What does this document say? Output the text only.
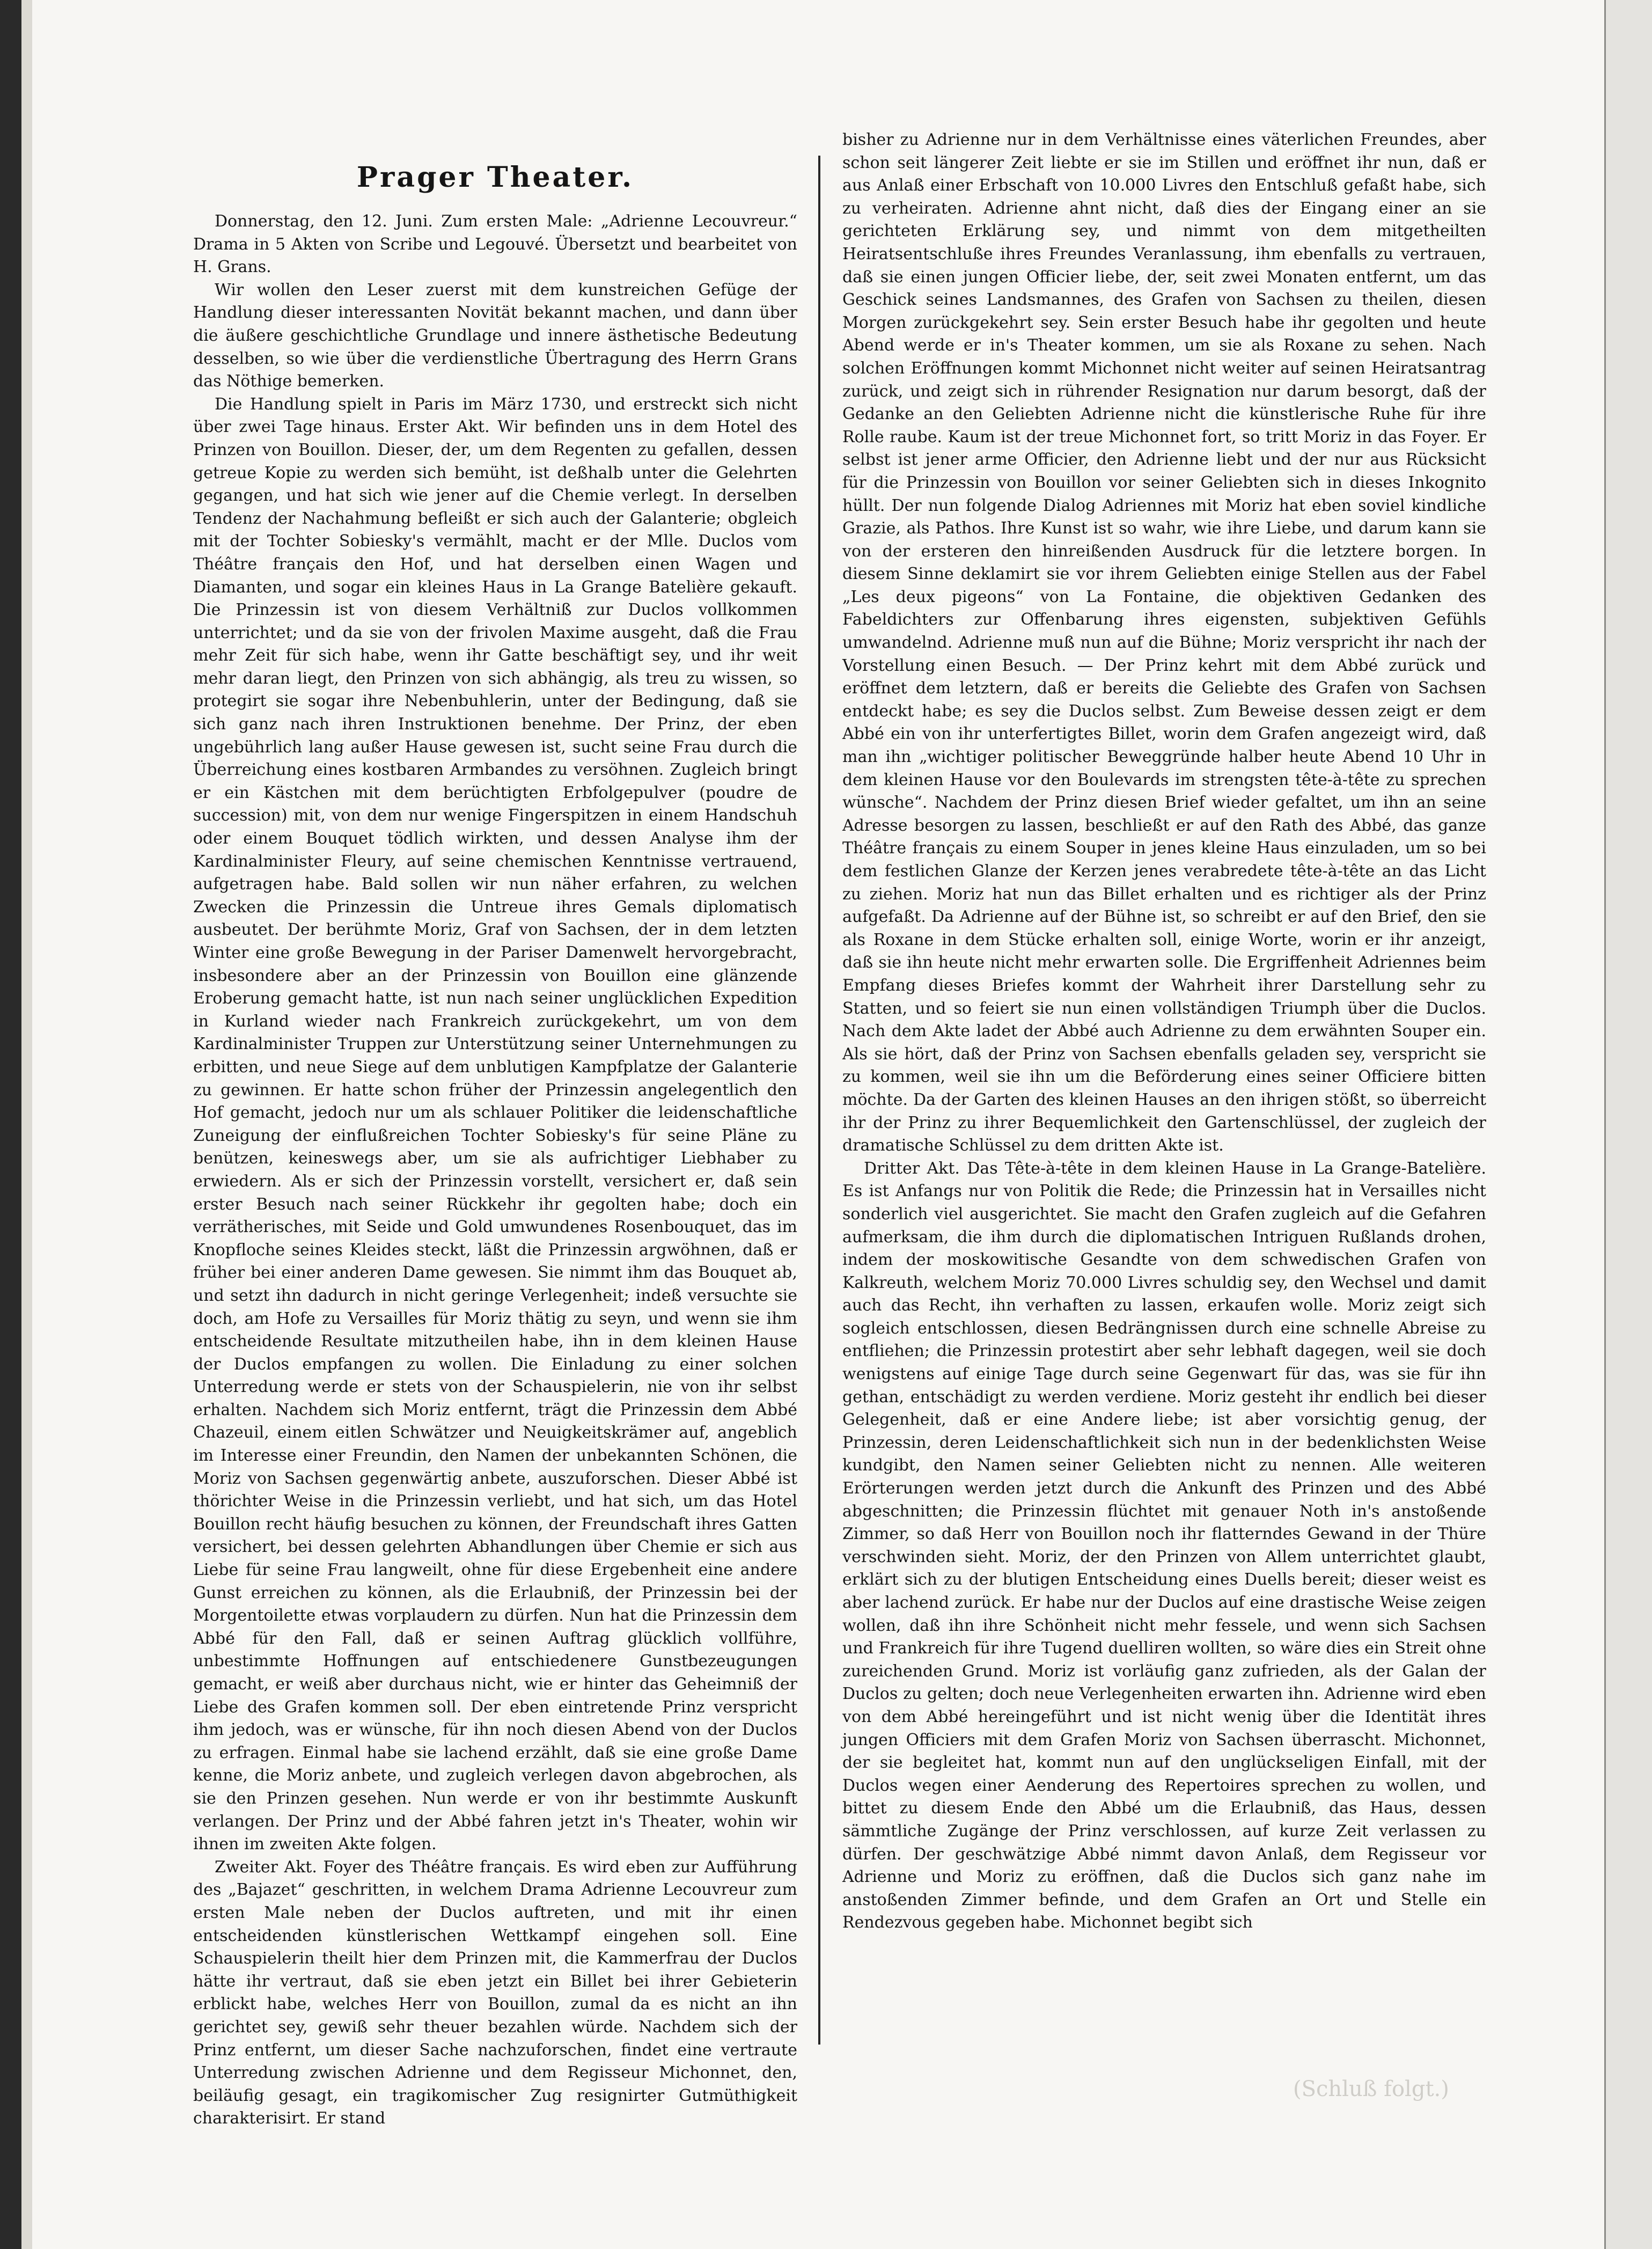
Prager Theater.

Donnerstag, den 12. Juni. Zum ersten Male: „Adrienne Lecouvreur.“ Drama in 5 Akten von Scribe und Legouvé. Übersetzt und bearbeitet von H. Grans.

Wir wollen den Leser zuerst mit dem kunstreichen Gefüge der Handlung dieser interessanten Novität bekannt machen, und dann über die äußere geschichtliche Grundlage und innere ästhetische Bedeutung desselben, so wie über die verdienstliche Übertragung des Herrn Grans das Nöthige bemerken.

Die Handlung spielt in Paris im März 1730, und erstreckt sich nicht über zwei Tage hinaus. Erster Akt. Wir befinden uns in dem Hotel des Prinzen von Bouillon. Dieser, der, um dem Regenten zu gefallen, dessen getreue Kopie zu werden sich bemüht, ist deßhalb unter die Gelehrten gegangen, und hat sich wie jener auf die Chemie verlegt. In derselben Tendenz der Nachahmung befleißt er sich auch der Galanterie; obgleich mit der Tochter Sobiesky's vermählt, macht er der Mlle. Duclos vom Théâtre français den Hof, und hat derselben einen Wagen und Diamanten, und sogar ein kleines Haus in La Grange Batelière gekauft. Die Prinzessin ist von diesem Verhältniß zur Duclos vollkommen unterrichtet; und da sie von der frivolen Maxime ausgeht, daß die Frau mehr Zeit für sich habe, wenn ihr Gatte beschäftigt sey, und ihr weit mehr daran liegt, den Prinzen von sich abhängig, als treu zu wissen, so protegirt sie sogar ihre Nebenbuhlerin, unter der Bedingung, daß sie sich ganz nach ihren Instruktionen benehme. Der Prinz, der eben ungebührlich lang außer Hause gewesen ist, sucht seine Frau durch die Überreichung eines kostbaren Armbandes zu versöhnen. Zugleich bringt er ein Kästchen mit dem berüchtigten Erbfolgepulver (poudre de succession) mit, von dem nur wenige Fingerspitzen in einem Handschuh oder einem Bouquet tödlich wirkten, und dessen Analyse ihm der Kardinalminister Fleury, auf seine chemischen Kenntnisse vertrauend, aufgetragen habe. Bald sollen wir nun näher erfahren, zu welchen Zwecken die Prinzessin die Untreue ihres Gemals diplomatisch ausbeutet. Der berühmte Moriz, Graf von Sachsen, der in dem letzten Winter eine große Bewegung in der Pariser Damenwelt hervorgebracht, insbesondere aber an der Prinzessin von Bouillon eine glänzende Eroberung gemacht hatte, ist nun nach seiner unglücklichen Expedition in Kurland wieder nach Frankreich zurückgekehrt, um von dem Kardinalminister Truppen zur Unterstützung seiner Unternehmungen zu erbitten, und neue Siege auf dem unblutigen Kampfplatze der Galanterie zu gewinnen. Er hatte schon früher der Prinzessin angelegentlich den Hof gemacht, jedoch nur um als schlauer Politiker die leidenschaftliche Zuneigung der einflußreichen Tochter Sobiesky's für seine Pläne zu benützen, keineswegs aber, um sie als aufrichtiger Liebhaber zu erwiedern. Als er sich der Prinzessin vorstellt, versichert er, daß sein erster Besuch nach seiner Rückkehr ihr gegolten habe; doch ein verrätherisches, mit Seide und Gold umwundenes Rosenbouquet, das im Knopfloche seines Kleides steckt, läßt die Prinzessin argwöhnen, daß er früher bei einer anderen Dame gewesen. Sie nimmt ihm das Bouquet ab, und setzt ihn dadurch in nicht geringe Verlegenheit; indeß versuchte sie doch, am Hofe zu Versailles für Moriz thätig zu seyn, und wenn sie ihm entscheidende Resultate mitzutheilen habe, ihn in dem kleinen Hause der Duclos empfangen zu wollen. Die Einladung zu einer solchen Unterredung werde er stets von der Schauspielerin, nie von ihr selbst erhalten. Nachdem sich Moriz entfernt, trägt die Prinzessin dem Abbé Chazeuil, einem eitlen Schwätzer und Neuigkeitskrämer auf, angeblich im Interesse einer Freundin, den Namen der unbekannten Schönen, die Moriz von Sachsen gegenwärtig anbete, auszuforschen. Dieser Abbé ist thörichter Weise in die Prinzessin verliebt, und hat sich, um das Hotel Bouillon recht häufig besuchen zu können, der Freundschaft ihres Gatten versichert, bei dessen gelehrten Abhandlungen über Chemie er sich aus Liebe für seine Frau langweilt, ohne für diese Ergebenheit eine andere Gunst erreichen zu können, als die Erlaubniß, der Prinzessin bei der Morgentoilette etwas vorplaudern zu dürfen. Nun hat die Prinzessin dem Abbé für den Fall, daß er seinen Auftrag glücklich vollführe, unbestimmte Hoffnungen auf entschiedenere Gunstbezeugungen gemacht, er weiß aber durchaus nicht, wie er hinter das Geheimniß der Liebe des Grafen kommen soll. Der eben eintretende Prinz verspricht ihm jedoch, was er wünsche, für ihn noch diesen Abend von der Duclos zu erfragen. Einmal habe sie lachend erzählt, daß sie eine große Dame kenne, die Moriz anbete, und zugleich verlegen davon abgebrochen, als sie den Prinzen gesehen. Nun werde er von ihr bestimmte Auskunft verlangen. Der Prinz und der Abbé fahren jetzt in's Theater, wohin wir ihnen im zweiten Akte folgen.

Zweiter Akt. Foyer des Théâtre français. Es wird eben zur Aufführung des „Bajazet“ geschritten, in welchem Drama Adrienne Lecouvreur zum ersten Male neben der Duclos auftreten, und mit ihr einen entscheidenden künstlerischen Wettkampf eingehen soll. Eine Schauspielerin theilt hier dem Prinzen mit, die Kammerfrau der Duclos hätte ihr vertraut, daß sie eben jetzt ein Billet bei ihrer Gebieterin erblickt habe, welches Herr von Bouillon, zumal da es nicht an ihn gerichtet sey, gewiß sehr theuer bezahlen würde. Nachdem sich der Prinz entfernt, um dieser Sache nachzuforschen, findet eine vertraute Unterredung zwischen Adrienne und dem Regisseur Michonnet, den, beiläufig gesagt, ein tragikomischer Zug resignirter Gutmüthigkeit charakterisirt. Er stand

bisher zu Adrienne nur in dem Verhältnisse eines väterlichen Freundes, aber schon seit längerer Zeit liebte er sie im Stillen und eröffnet ihr nun, daß er aus Anlaß einer Erbschaft von 10.000 Livres den Entschluß gefaßt habe, sich zu verheiraten. Adrienne ahnt nicht, daß dies der Eingang einer an sie gerichteten Erklärung sey, und nimmt von dem mitgetheilten Heiratsentschluße ihres Freundes Veranlassung, ihm ebenfalls zu vertrauen, daß sie einen jungen Officier liebe, der, seit zwei Monaten entfernt, um das Geschick seines Landsmannes, des Grafen von Sachsen zu theilen, diesen Morgen zurückgekehrt sey. Sein erster Besuch habe ihr gegolten und heute Abend werde er in's Theater kommen, um sie als Roxane zu sehen. Nach solchen Eröffnungen kommt Michonnet nicht weiter auf seinen Heiratsantrag zurück, und zeigt sich in rührender Resignation nur darum besorgt, daß der Gedanke an den Geliebten Adrienne nicht die künstlerische Ruhe für ihre Rolle raube. Kaum ist der treue Michonnet fort, so tritt Moriz in das Foyer. Er selbst ist jener arme Officier, den Adrienne liebt und der nur aus Rücksicht für die Prinzessin von Bouillon vor seiner Geliebten sich in dieses Inkognito hüllt. Der nun folgende Dialog Adriennes mit Moriz hat eben soviel kindliche Grazie, als Pathos. Ihre Kunst ist so wahr, wie ihre Liebe, und darum kann sie von der ersteren den hinreißenden Ausdruck für die letztere borgen. In diesem Sinne deklamirt sie vor ihrem Geliebten einige Stellen aus der Fabel „Les deux pigeons“ von La Fontaine, die objektiven Gedanken des Fabeldichters zur Offenbarung ihres eigensten, subjektiven Gefühls umwandelnd. Adrienne muß nun auf die Bühne; Moriz verspricht ihr nach der Vorstellung einen Besuch. — Der Prinz kehrt mit dem Abbé zurück und eröffnet dem letztern, daß er bereits die Geliebte des Grafen von Sachsen entdeckt habe; es sey die Duclos selbst. Zum Beweise dessen zeigt er dem Abbé ein von ihr unterfertigtes Billet, worin dem Grafen angezeigt wird, daß man ihn „wichtiger politischer Beweggründe halber heute Abend 10 Uhr in dem kleinen Hause vor den Boulevards im strengsten tête-à-tête zu sprechen wünsche“. Nachdem der Prinz diesen Brief wieder gefaltet, um ihn an seine Adresse besorgen zu lassen, beschließt er auf den Rath des Abbé, das ganze Théâtre français zu einem Souper in jenes kleine Haus einzuladen, um so bei dem festlichen Glanze der Kerzen jenes verabredete tête-à-tête an das Licht zu ziehen. Moriz hat nun das Billet erhalten und es richtiger als der Prinz aufgefaßt. Da Adrienne auf der Bühne ist, so schreibt er auf den Brief, den sie als Roxane in dem Stücke erhalten soll, einige Worte, worin er ihr anzeigt, daß sie ihn heute nicht mehr erwarten solle. Die Ergriffenheit Adriennes beim Empfang dieses Briefes kommt der Wahrheit ihrer Darstellung sehr zu Statten, und so feiert sie nun einen vollständigen Triumph über die Duclos. Nach dem Akte ladet der Abbé auch Adrienne zu dem erwähnten Souper ein. Als sie hört, daß der Prinz von Sachsen ebenfalls geladen sey, verspricht sie zu kommen, weil sie ihn um die Beförderung eines seiner Officiere bitten möchte. Da der Garten des kleinen Hauses an den ihrigen stößt, so überreicht ihr der Prinz zu ihrer Bequemlichkeit den Gartenschlüssel, der zugleich der dramatische Schlüssel zu dem dritten Akte ist.

Dritter Akt. Das Tête-à-tête in dem kleinen Hause in La Grange-Batelière. Es ist Anfangs nur von Politik die Rede; die Prinzessin hat in Versailles nicht sonderlich viel ausgerichtet. Sie macht den Grafen zugleich auf die Gefahren aufmerksam, die ihm durch die diplomatischen Intriguen Rußlands drohen, indem der moskowitische Gesandte von dem schwedischen Grafen von Kalkreuth, welchem Moriz 70.000 Livres schuldig sey, den Wechsel und damit auch das Recht, ihn verhaften zu lassen, erkaufen wolle. Moriz zeigt sich sogleich entschlossen, diesen Bedrängnissen durch eine schnelle Abreise zu entfliehen; die Prinzessin protestirt aber sehr lebhaft dagegen, weil sie doch wenigstens auf einige Tage durch seine Gegenwart für das, was sie für ihn gethan, entschädigt zu werden verdiene. Moriz gesteht ihr endlich bei dieser Gelegenheit, daß er eine Andere liebe; ist aber vorsichtig genug, der Prinzessin, deren Leidenschaftlichkeit sich nun in der bedenklichsten Weise kundgibt, den Namen seiner Geliebten nicht zu nennen. Alle weiteren Erörterungen werden jetzt durch die Ankunft des Prinzen und des Abbé abgeschnitten; die Prinzessin flüchtet mit genauer Noth in's anstoßende Zimmer, so daß Herr von Bouillon noch ihr flatterndes Gewand in der Thüre verschwinden sieht. Moriz, der den Prinzen von Allem unterrichtet glaubt, erklärt sich zu der blutigen Entscheidung eines Duells bereit; dieser weist es aber lachend zurück. Er habe nur der Duclos auf eine drastische Weise zeigen wollen, daß ihn ihre Schönheit nicht mehr fessele, und wenn sich Sachsen und Frankreich für ihre Tugend duelliren wollten, so wäre dies ein Streit ohne zureichenden Grund. Moriz ist vorläufig ganz zufrieden, als der Galan der Duclos zu gelten; doch neue Verlegenheiten erwarten ihn. Adrienne wird eben von dem Abbé hereingeführt und ist nicht wenig über die Identität ihres jungen Officiers mit dem Grafen Moriz von Sachsen überrascht. Michonnet, der sie begleitet hat, kommt nun auf den unglückseligen Einfall, mit der Duclos wegen einer Aenderung des Repertoires sprechen zu wollen, und bittet zu diesem Ende den Abbé um die Erlaubniß, das Haus, dessen sämmtliche Zugänge der Prinz verschlossen, auf kurze Zeit verlassen zu dürfen. Der geschwätzige Abbé nimmt davon Anlaß, dem Regisseur vor Adrienne und Moriz zu eröffnen, daß die Duclos sich ganz nahe im anstoßenden Zimmer befinde, und dem Grafen an Ort und Stelle ein Rendezvous gegeben habe. Michonnet begibt sich

(Schluß folgt.)
